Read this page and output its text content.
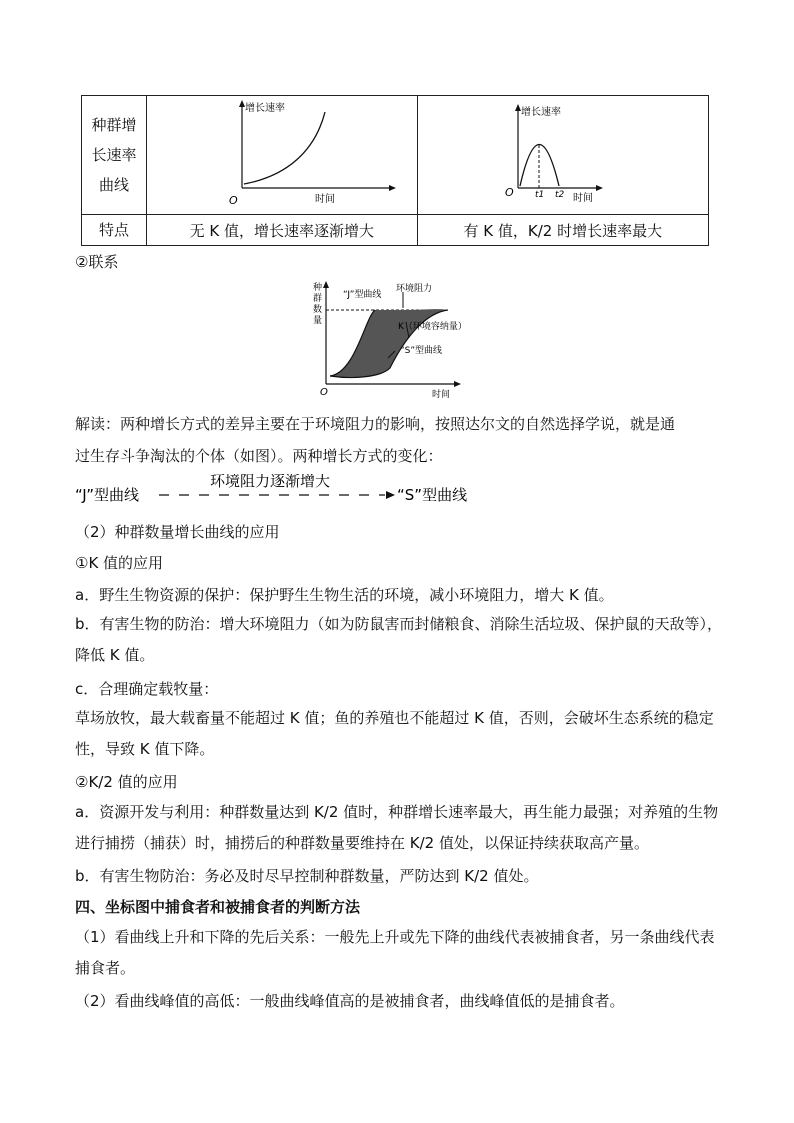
种群增
长速率
曲线	增长速率
时间
O	增长速率
时间
O t1 t2

特点	无 K 值，增长速率逐渐增大	有 K 值，K/2 时增长速率最大
②联系
种
群
数
量
“J”型曲线
环境阻力
K（环境容纳量）
“S”型曲线
O	时间
解读：两种增长方式的差异主要在于环境阻力的影响，按照达尔文的自然选择学说，就是通
过生存斗争淘汰的个体（如图）。两种增长方式的变化：
“J”型曲线
环境阻力逐渐增大
“S”型曲线
（2）种群数量增长曲线的应用
①K 值的应用
a．野生生物资源的保护：保护野生生物生活的环境，减小环境阻力，增大 K 值。
b．有害生物的防治：增大环境阻力（如为防鼠害而封储粮食、消除生活垃圾、保护鼠的天敌等），降低 K 值。
c．合理确定载牧量：
草场放牧，最大载畜量不能超过 K 值；鱼的养殖也不能超过 K 值，否则，会破坏生态系统的稳定性，导致 K 值下降。
②K/2 值的应用
a．资源开发与利用：种群数量达到 K/2 值时，种群增长速率最大，再生能力最强；对养殖的生物进行捕捞（捕获）时，捕捞后的种群数量要维持在 K/2 值处，以保证持续获取高产量。
b．有害生物防治：务必及时尽早控制种群数量，严防达到 K/2 值处。
四、坐标图中捕食者和被捕食者的判断方法
（1）看曲线上升和下降的先后关系：一般先上升或先下降的曲线代表被捕食者，另一条曲线代表捕食者。
（2）看曲线峰值的高低：一般曲线峰值高的是被捕食者，曲线峰值低的是捕食者。
